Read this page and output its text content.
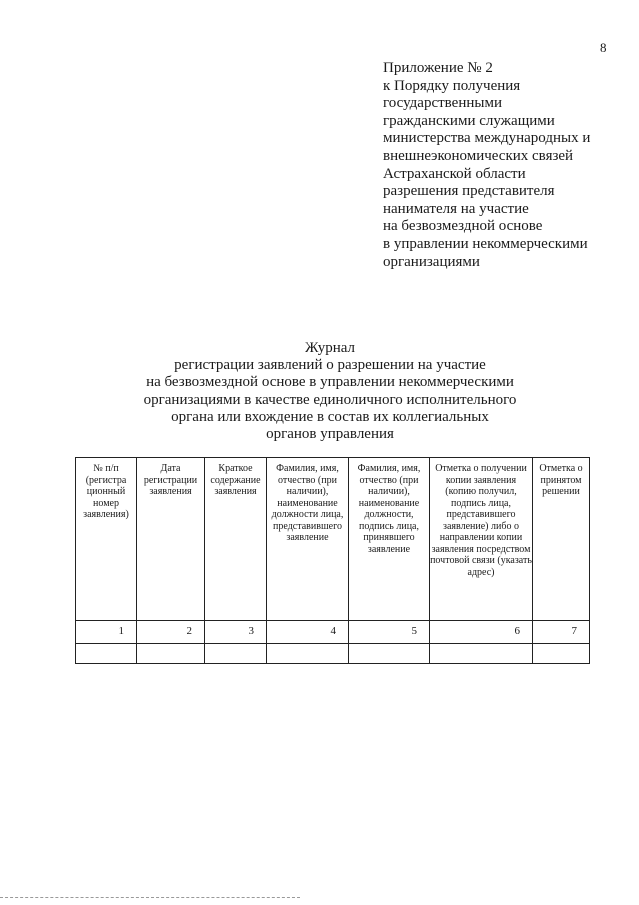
8
Приложение № 2
к Порядку получения
государственными
гражданскими служащими
министерства международных и
внешнеэкономических связей
Астраханской области
разрешения представителя
нанимателя на участие
на безвозмездной основе
в управлении некоммерческими
организациями
Журнал
регистрации заявлений о разрешении на участие
на безвозмездной основе в управлении некоммерческими
организациями в качестве единоличного исполнительного
органа или вхождение в состав их коллегиальных
органов управления
№ п/п (регистра ционный номер заявления)	Дата регистрации заявления	Краткое содержание заявления	Фамилия, имя, отчество (при наличии), наименование должности лица, представившего заявление	Фамилия, имя, отчество (при наличии), наименование должности, подпись лица, принявшего заявление	Отметка о получении копии заявления (копию получил, подпись лица, представившего заявление) либо о направлении копии заявления посредством почтовой связи (указать адрес)	Отметка о принятом решении
1	2	3	4	5	6	7
